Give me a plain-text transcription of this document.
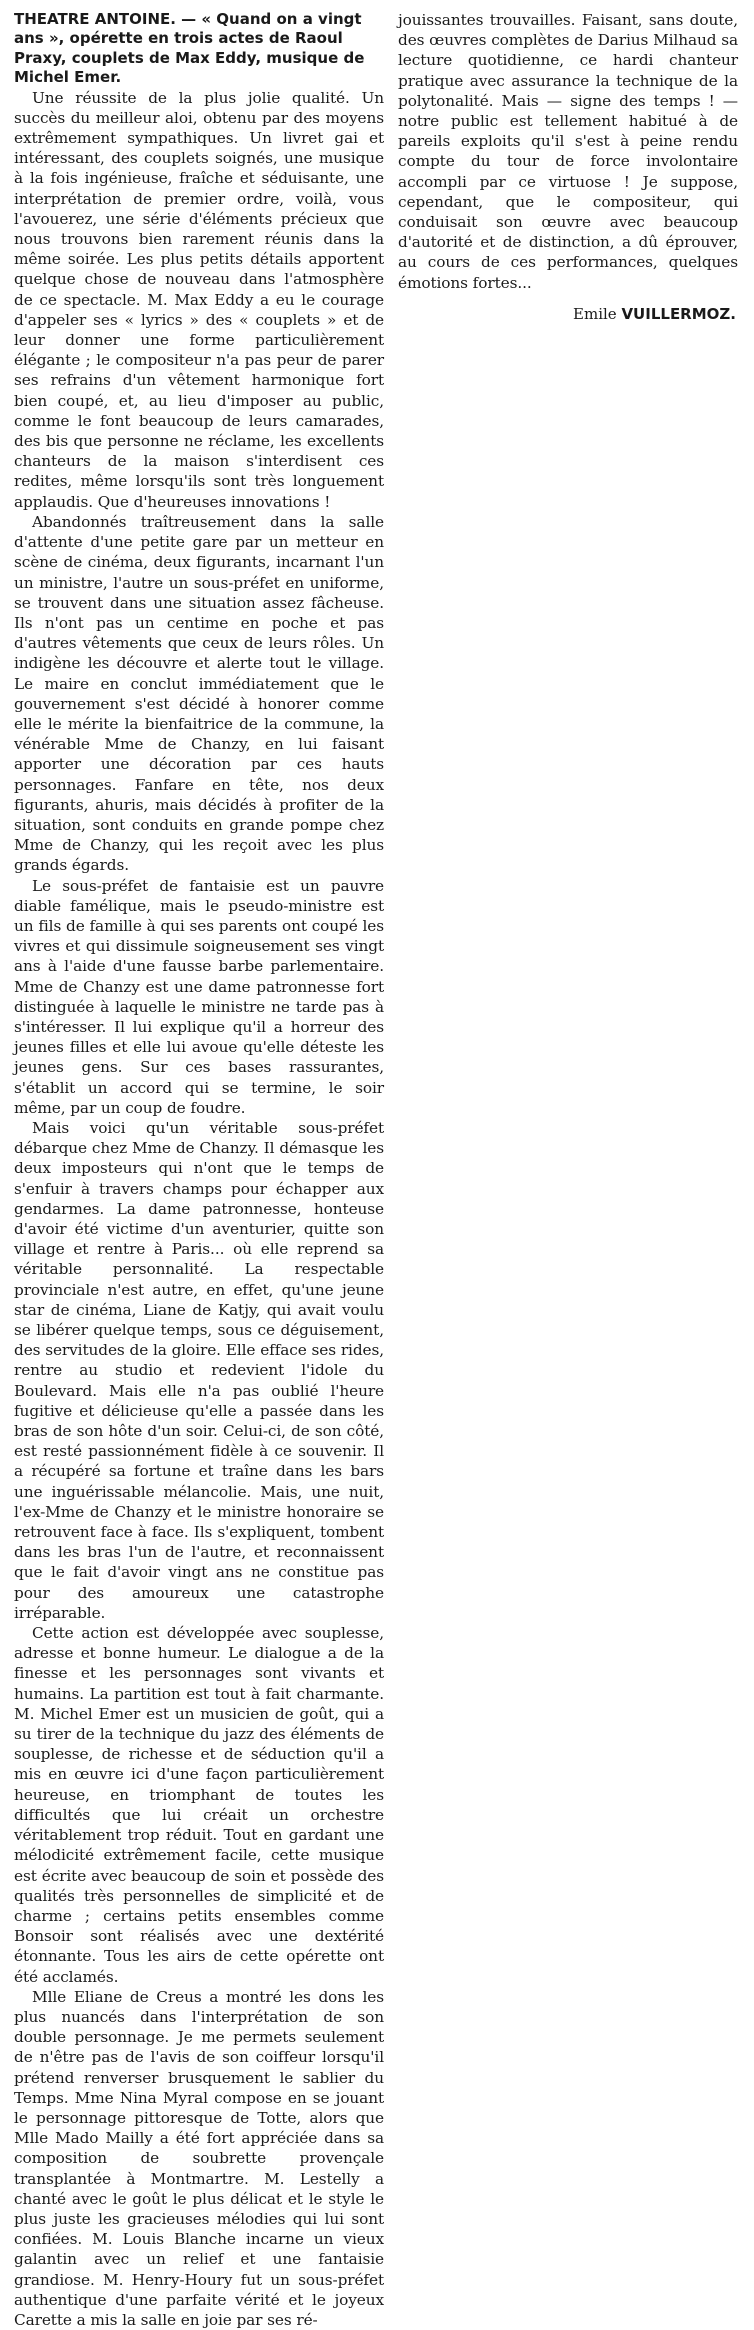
THEATRE ANTOINE. — « Quand on a vingt ans », opérette en trois actes de Raoul Praxy, couplets de Max Eddy, musique de Michel Emer.

Une réussite de la plus jolie qualité. Un succès du meilleur aloi, obtenu par des moyens extrêmement sympathiques. Un livret gai et intéressant, des couplets soignés, une musique à la fois ingénieuse, fraîche et séduisante, une interprétation de premier ordre, voilà, vous l'avouerez, une série d'éléments précieux que nous trouvons bien rarement réunis dans la même soirée. Les plus petits détails apportent quelque chose de nouveau dans l'atmosphère de ce spectacle. M. Max Eddy a eu le courage d'appeler ses « lyrics » des « couplets » et de leur donner une forme particulièrement élégante ; le compositeur n'a pas peur de parer ses refrains d'un vêtement harmonique fort bien coupé, et, au lieu d'imposer au public, comme le font beaucoup de leurs camarades, des bis que personne ne réclame, les excellents chanteurs de la maison s'interdisent ces redites, même lorsqu'ils sont très longuement applaudis. Que d'heureuses innovations !

Abandonnés traîtreusement dans la salle d'attente d'une petite gare par un metteur en scène de cinéma, deux figurants, incarnant l'un un ministre, l'autre un sous-préfet en uniforme, se trouvent dans une situation assez fâcheuse. Ils n'ont pas un centime en poche et pas d'autres vêtements que ceux de leurs rôles. Un indigène les découvre et alerte tout le village. Le maire en conclut immédiatement que le gouvernement s'est décidé à honorer comme elle le mérite la bienfaitrice de la commune, la vénérable Mme de Chanzy, en lui faisant apporter une décoration par ces hauts personnages. Fanfare en tête, nos deux figurants, ahuris, mais décidés à profiter de la situation, sont conduits en grande pompe chez Mme de Chanzy, qui les reçoit avec les plus grands égards.

Le sous-préfet de fantaisie est un pauvre diable famélique, mais le pseudo-ministre est un fils de famille à qui ses parents ont coupé les vivres et qui dissimule soigneusement ses vingt ans à l'aide d'une fausse barbe parlementaire. Mme de Chanzy est une dame patronnesse fort distinguée à laquelle le ministre ne tarde pas à s'intéresser. Il lui explique qu'il a horreur des jeunes filles et elle lui avoue qu'elle déteste les jeunes gens. Sur ces bases rassurantes, s'établit un accord qui se termine, le soir même, par un coup de foudre.

Mais voici qu'un véritable sous-préfet débarque chez Mme de Chanzy. Il démasque les deux imposteurs qui n'ont que le temps de s'enfuir à travers champs pour échapper aux gendarmes. La dame patronnesse, honteuse d'avoir été victime d'un aventurier, quitte son village et rentre à Paris... où elle reprend sa véritable personnalité. La respectable provinciale n'est autre, en effet, qu'une jeune star de cinéma, Liane de Katjy, qui avait voulu se libérer quelque temps, sous ce déguisement, des servitudes de la gloire. Elle efface ses rides, rentre au studio et redevient l'idole du Boulevard. Mais elle n'a pas oublié l'heure fugitive et délicieuse qu'elle a passée dans les bras de son hôte d'un soir. Celui-ci, de son côté, est resté passionnément fidèle à ce souvenir. Il a récupéré sa fortune et traîne dans les bars une inguérissable mélancolie. Mais, une nuit, l'ex-Mme de Chanzy et le ministre honoraire se retrouvent face à face. Ils s'expliquent, tombent dans les bras l'un de l'autre, et reconnaissent que le fait d'avoir vingt ans ne constitue pas pour des amoureux une catastrophe irréparable.

Cette action est développée avec souplesse, adresse et bonne humeur. Le dialogue a de la finesse et les personnages sont vivants et humains. La partition est tout à fait charmante. M. Michel Emer est un musicien de goût, qui a su tirer de la technique du jazz des éléments de souplesse, de richesse et de séduction qu'il a mis en œuvre ici d'une façon particulièrement heureuse, en triomphant de toutes les difficultés que lui créait un orchestre véritablement trop réduit. Tout en gardant une mélodicité extrêmement facile, cette musique est écrite avec beaucoup de soin et possède des qualités très personnelles de simplicité et de charme ; certains petits ensembles comme Bonsoir sont réalisés avec une dextérité étonnante. Tous les airs de cette opérette ont été acclamés.

Mlle Eliane de Creus a montré les dons les plus nuancés dans l'interprétation de son double personnage. Je me permets seulement de n'être pas de l'avis de son coiffeur lorsqu'il prétend renverser brusquement le sablier du Temps. Mme Nina Myral compose en se jouant le personnage pittoresque de Totte, alors que Mlle Mado Mailly a été fort appréciée dans sa composition de soubrette provençale transplantée à Montmartre. M. Lestelly a chanté avec le goût le plus délicat et le style le plus juste les gracieuses mélodies qui lui sont confiées. M. Louis Blanche incarne un vieux galantin avec un relief et une fantaisie grandiose. M. Henry-Houry fut un sous-préfet authentique d'une parfaite vérité et le joyeux Carette a mis la salle en joie par ses ré-

jouissantes trouvailles. Faisant, sans doute, des œuvres complètes de Darius Milhaud sa lecture quotidienne, ce hardi chanteur pratique avec assurance la technique de la polytonalité. Mais — signe des temps ! — notre public est tellement habitué à de pareils exploits qu'il s'est à peine rendu compte du tour de force involontaire accompli par ce virtuose ! Je suppose, cependant, que le compositeur, qui conduisait son œuvre avec beaucoup d'autorité et de distinction, a dû éprouver, au cours de ces performances, quelques émotions fortes...

Emile VUILLERMOZ.
